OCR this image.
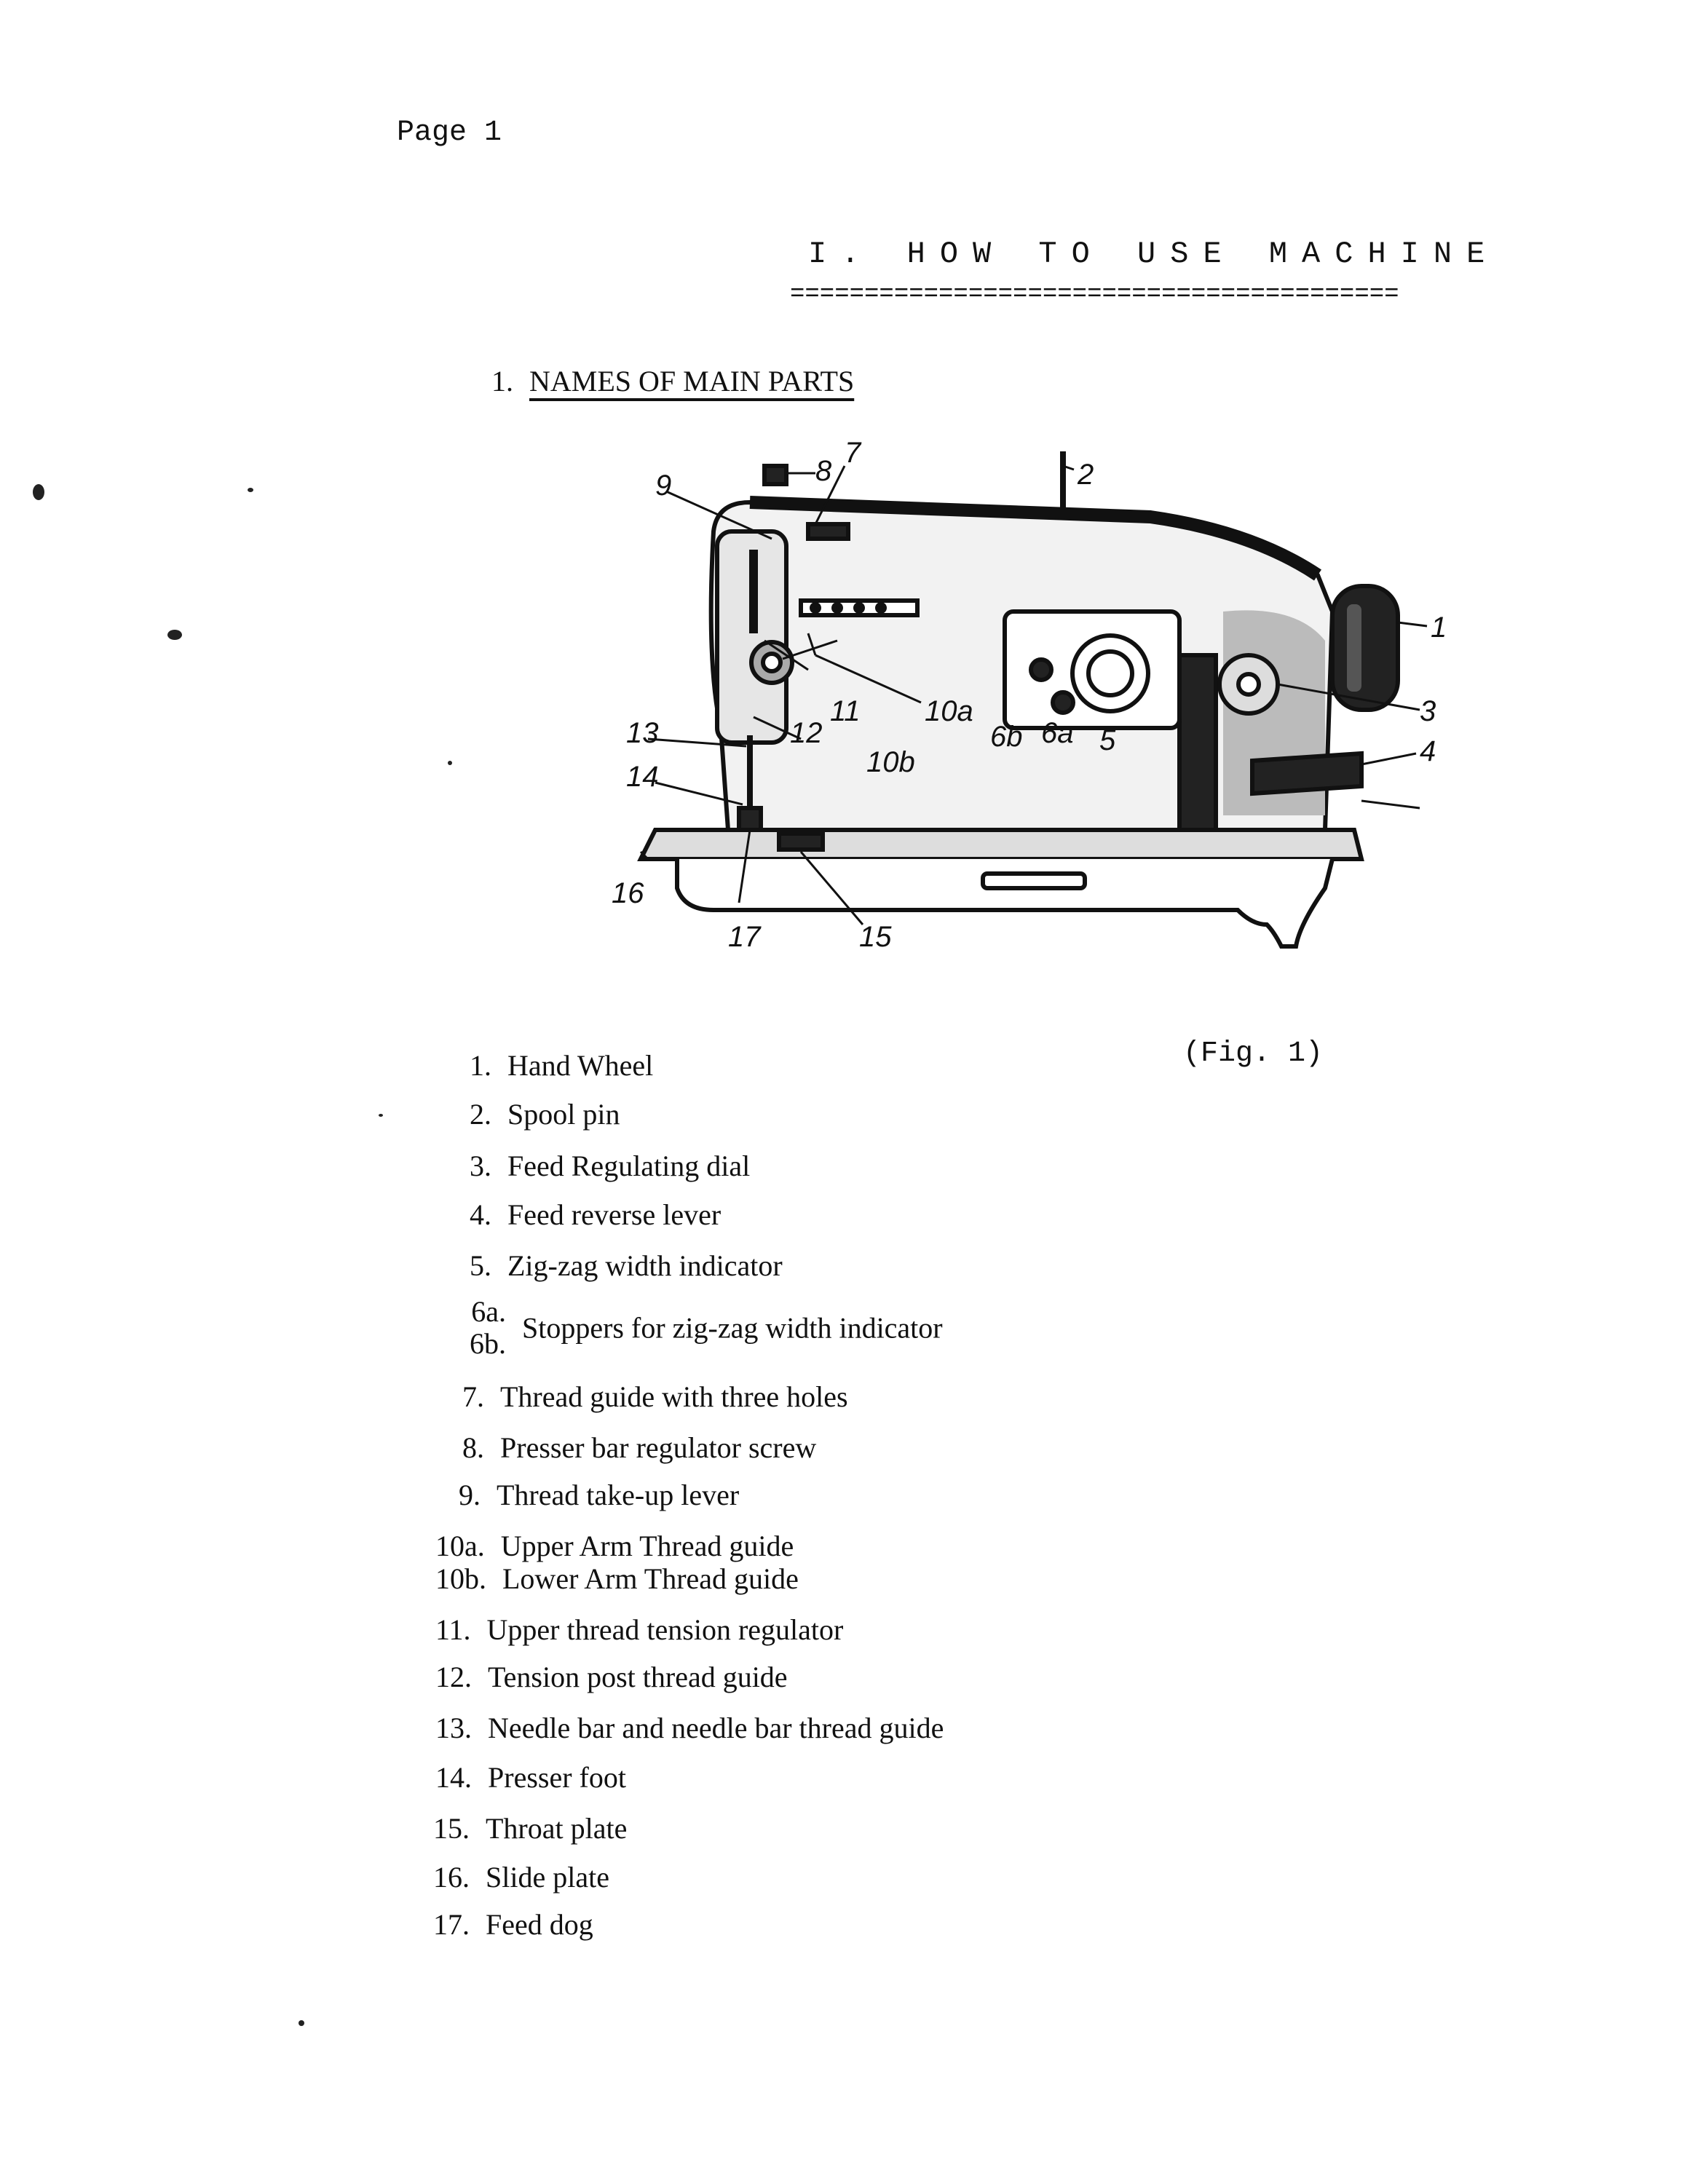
Page 1
I. HOW TO USE MACHINE
=========================================
1. NAMES OF MAIN PARTS
9	8
7
2
1
3
4
11 10a
12	6b 6a 5
10b
13
14
16
17	15
(Fig. 1)
1. Hand Wheel
2. Spool pin
3. Feed Regulating dial
4. Feed reverse lever
5. Zig-zag width indicator
6a.
6b. Stoppers for zig-zag width indicator
7. Thread guide with three holes
8. Presser bar regulator screw
9. Thread take-up lever
10a. Upper Arm Thread guide
10b. Lower Arm Thread guide
11. Upper thread tension regulator
12. Tension post thread guide
13. Needle bar and needle bar thread guide
14. Presser foot
15. Throat plate
16. Slide plate
17. Feed dog
